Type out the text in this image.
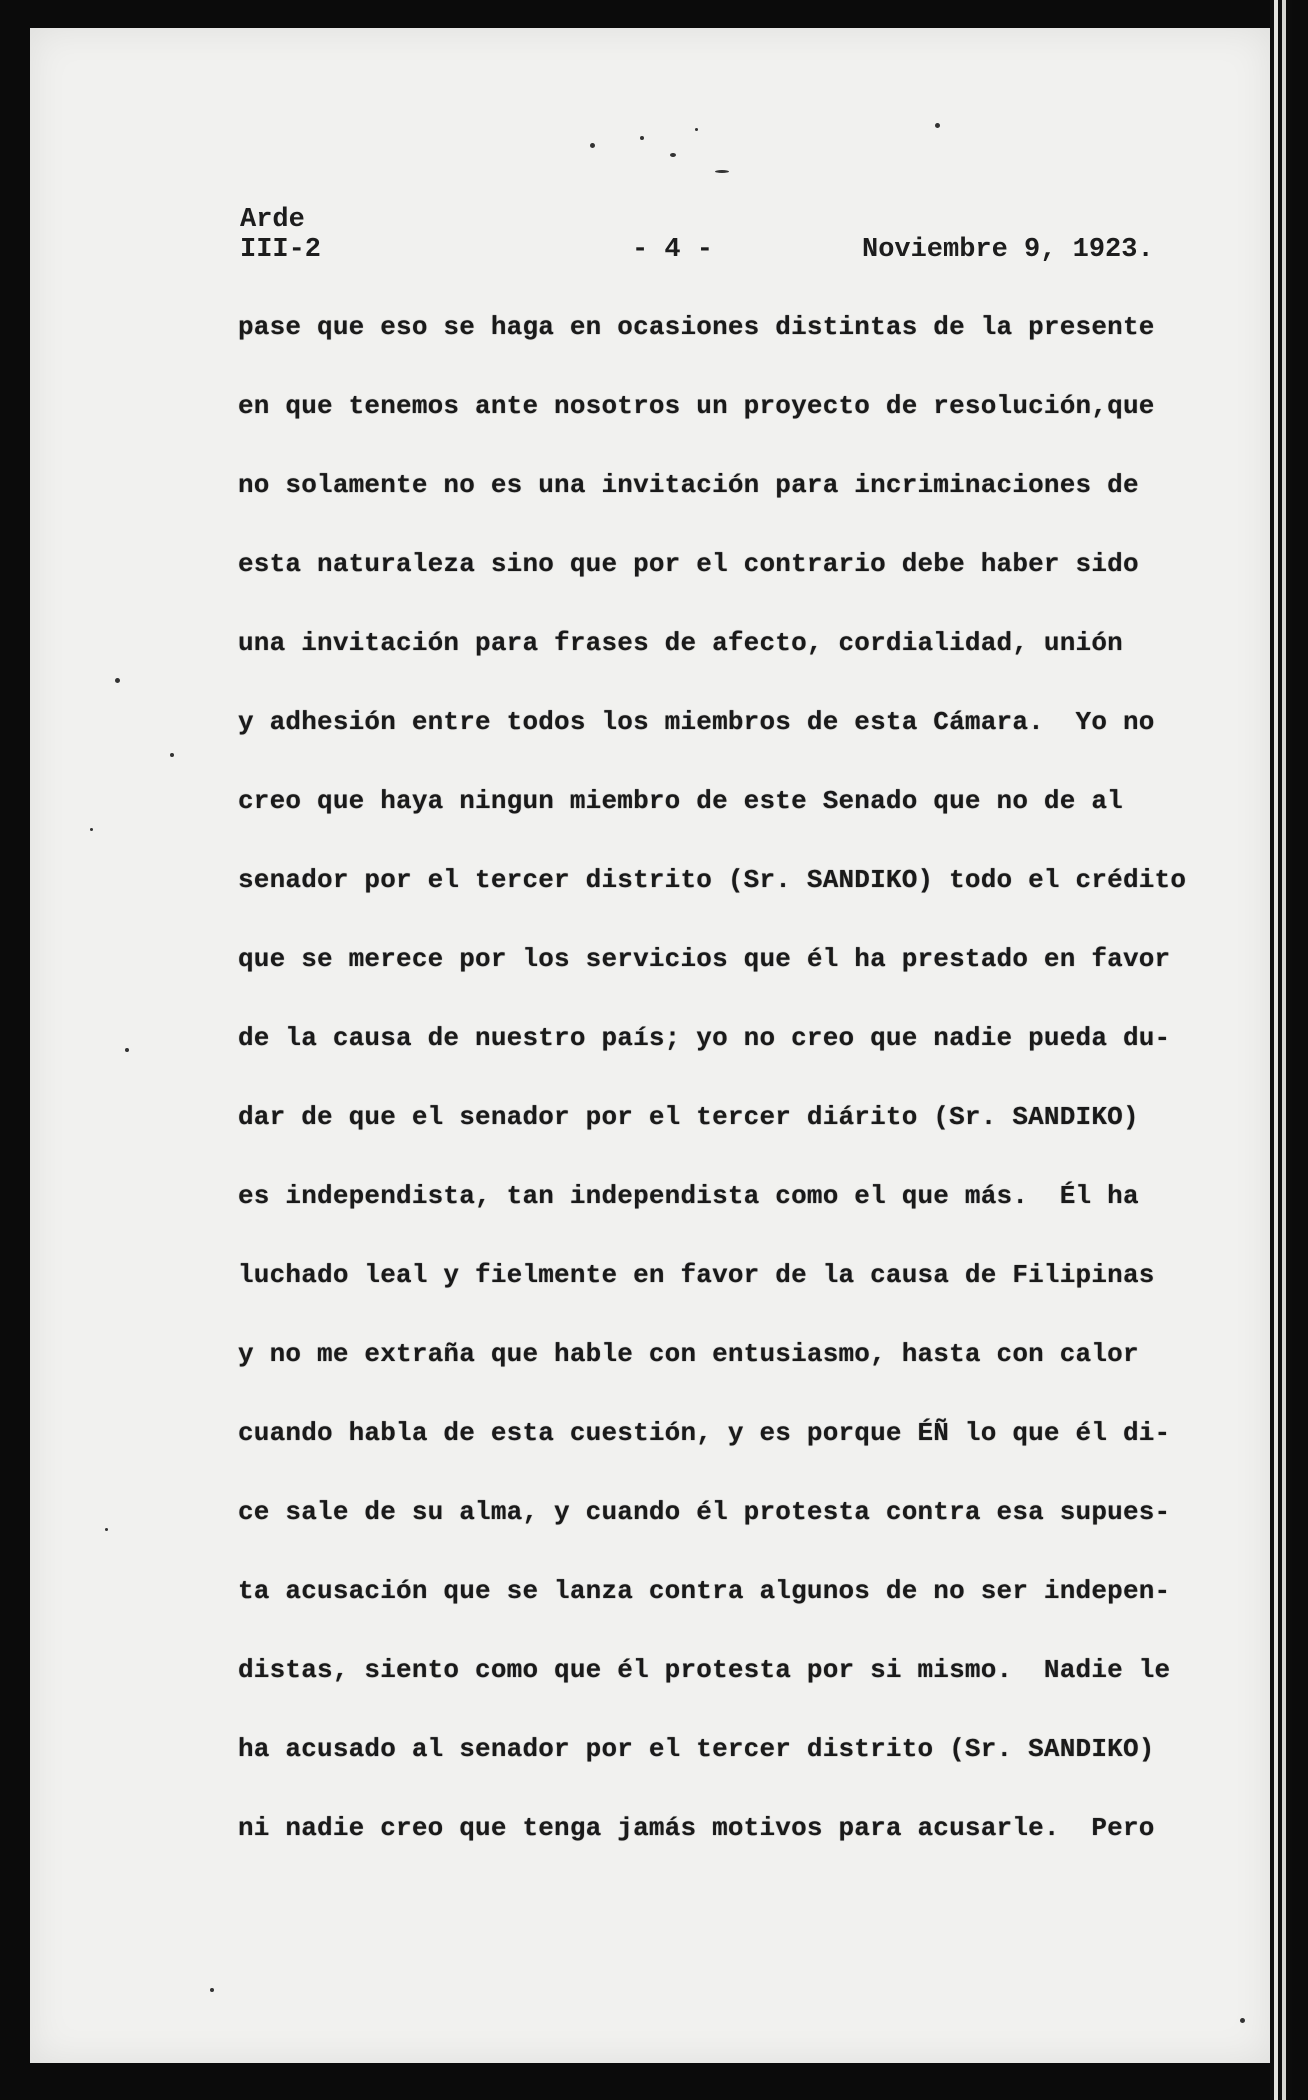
Arde
III-2	- 4 -	Noviembre 9, 1923.
pase que eso se haga en ocasiones distintas de la presente
en que tenemos ante nosotros un proyecto de resolución,que
no solamente no es una invitación para incriminaciones de
esta naturaleza sino que por el contrario debe haber sido
una invitación para frases de afecto, cordialidad, unión
y adhesión entre todos los miembros de esta Cámara.  Yo no
creo que haya ningun miembro de este Senado que no de al
senador por el tercer distrito (Sr. SANDIKO) todo el crédito
que se merece por los servicios que él ha prestado en favor
de la causa de nuestro país; yo no creo que nadie pueda du-
dar de que el senador por el tercer diárito (Sr. SANDIKO)
es independista, tan independista como el que más.  Él ha
luchado leal y fielmente en favor de la causa de Filipinas
y no me extraña que hable con entusiasmo, hasta con calor
cuando habla de esta cuestión, y es porque ÉÑ lo que él di-
ce sale de su alma, y cuando él protesta contra esa supues-
ta acusación que se lanza contra algunos de no ser indepen-
distas, siento como que él protesta por si mismo.  Nadie le
ha acusado al senador por el tercer distrito (Sr. SANDIKO)
ni nadie creo que tenga jamás motivos para acusarle.  Pero
